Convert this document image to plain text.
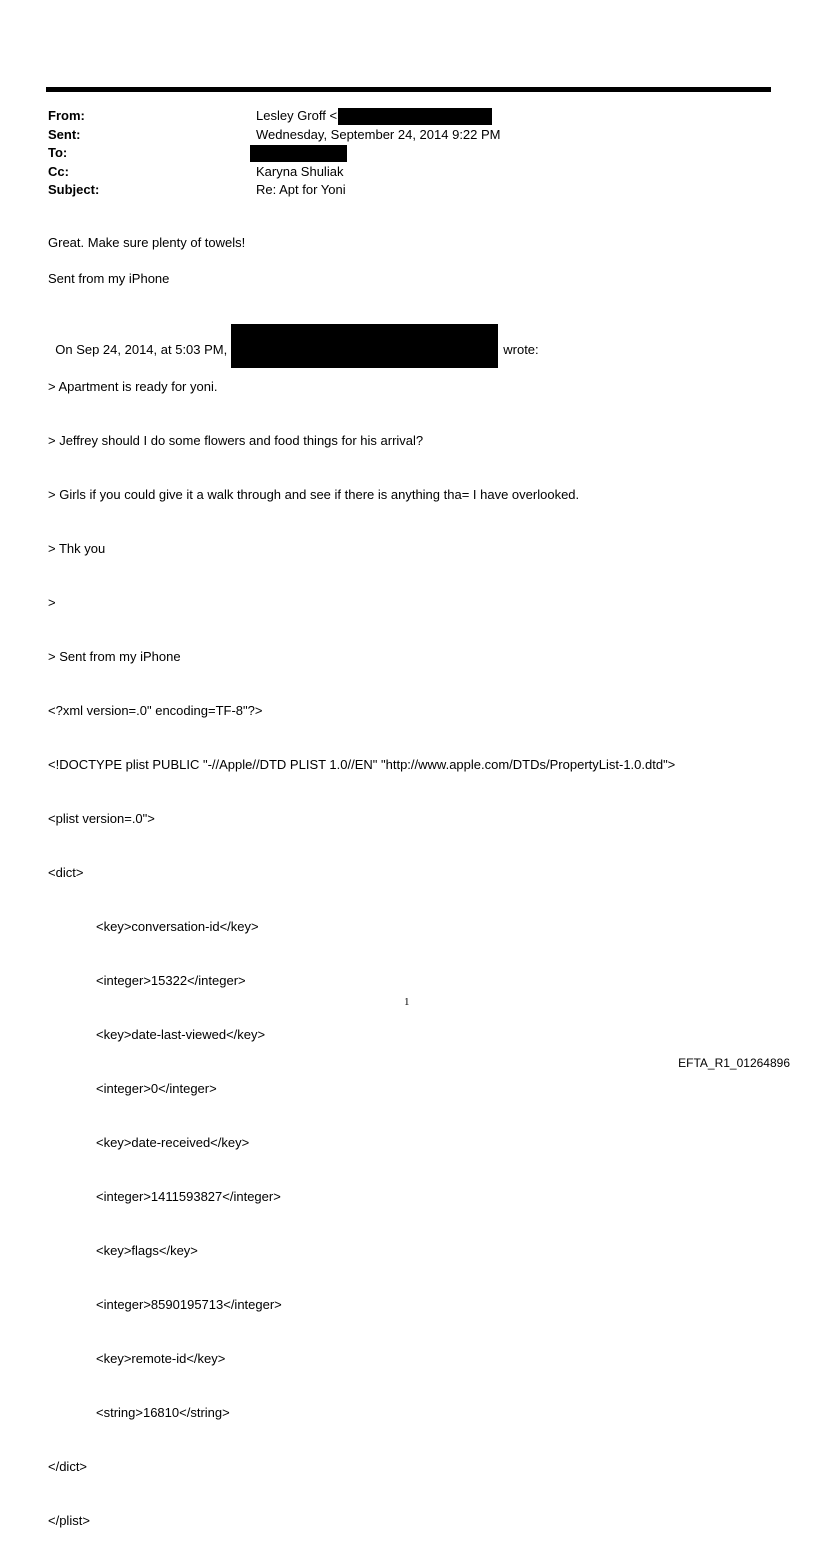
From:	Lesley Groff <
Sent:	Wednesday, September 24, 2014 9:22 PM
To:
Cc:	Karyna Shuliak
Subject:	Re: Apt for Yoni
Great. Make sure plenty of towels!
Sent from my iPhone

On Sep 24, 2014, at 5:03 PM,	wrote:

> Apartment is ready for yoni.

> Jeffrey should I do some flowers and food things for his arrival?

> Girls if you could give it a walk through and see if there is anything tha= I have overlooked.

> Thk you

>

> Sent from my iPhone

<?xml version=.0" encoding=TF-8"?>

<!DOCTYPE plist PUBLIC "-//Apple//DTD PLIST 1.0//EN" "http://www.apple.com/DTDs/PropertyList-1.0.dtd">

<plist version=.0">

<dict>

<key>conversation-id</key>

<integer>15322</integer>

<key>date-last-viewed</key>

<integer>0</integer>

<key>date-received</key>

<integer>1411593827</integer>

<key>flags</key>

<integer>8590195713</integer>

<key>remote-id</key>

<string>16810</string>

</dict>

</plist>

1
EFTA_R1_01264896
